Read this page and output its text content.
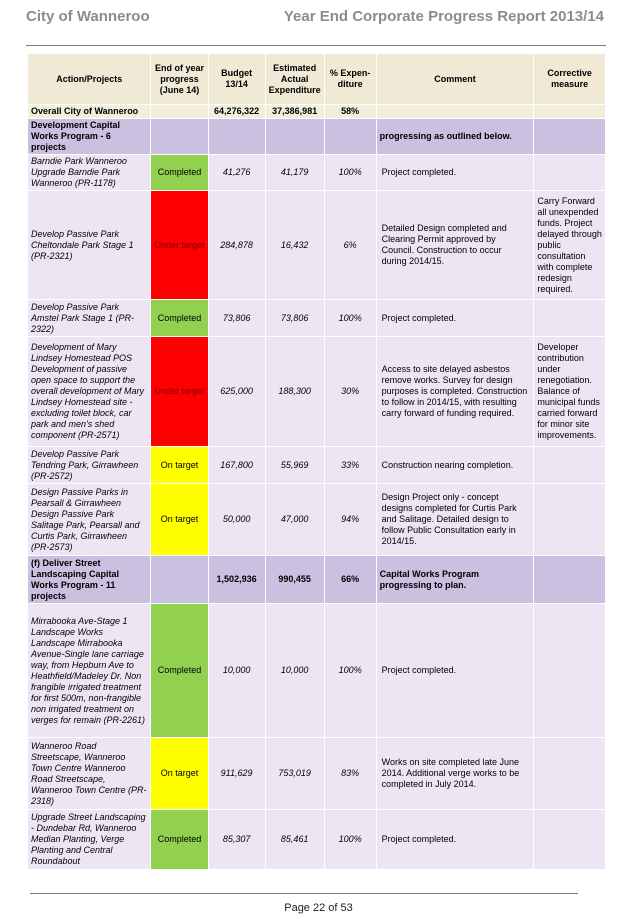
City of Wanneroo	Year End Corporate Progress Report 2013/14
Action/Projects	End of year progress (June 14)	Budget 13/14	Estimated Actual Expenditure	% Expen-diture	Comment	Corrective measure
Overall City of Wanneroo		64,276,322	37,386,981	58%		
Development Capital Works Program - 6 projects					progressing as outlined below.	
Barndie Park Wanneroo Upgrade Barndie Park Wanneroo (PR-1178)	Completed	41,276	41,179	100%	Project completed.	
Develop Passive Park Cheltondale Park Stage 1 (PR-2321)	Under target	284,878	16,432	6%	Detailed Design completed and Clearing Permit approved by Council. Construction to occur during 2014/15.	Carry Forward all unexpended funds. Project delayed through public consultation with complete redesign required.
Develop Passive Park Amstel Park Stage 1 (PR-2322)	Completed	73,806	73,806	100%	Project completed.	
Development of Mary Lindsey Homestead POS Development of passive open space to support the overall development of Mary Lindsey Homestead site - excluding toilet block, car park and men's shed component (PR-2571)	Under target	625,000	188,300	30%	Access to site delayed asbestos remove works. Survey for design purposes is completed. Construction to follow in 2014/15, with resulting carry forward of funding required.	Developer contribution under renegotiation. Balance of municipal funds carried forward for minor site improvements.
Develop Passive Park Tendring Park, Girrawheen (PR-2572)	On target	167,800	55,969	33%	Construction nearing completion.	
Design Passive Parks in Pearsall & Girrawheen Design Passive Park Salitage Park, Pearsall and Curtis Park, Girrawheen (PR-2573)	On target	50,000	47,000	94%	Design Project only - concept designs completed for Curtis Park and Salitage. Detailed design to follow Public Consultation early in 2014/15.	
(f) Deliver Street Landscaping Capital Works Program - 11 projects		1,502,936	990,455	66%	Capital Works Program progressing to plan.	
Mirrabooka Ave-Stage 1 Landscape Works Landscape Mirrabooka Avenue-Single lane carriage way, from Hepburn Ave to Heathfield/Madeley Dr. Non frangible irrigated treatment for first 500m, non-frangible non irrigated treatment on verges for remain (PR-2261)	Completed	10,000	10,000	100%	Project completed.	
Wanneroo Road Streetscape, Wanneroo Town Centre Wanneroo Road Streetscape, Wanneroo Town Centre (PR-2318)	On target	911,629	753,019	83%	Works on site completed late June 2014. Additional verge works to be completed in July 2014.	
Upgrade Street Landscaping - Dundebar Rd, Wanneroo Median Planting, Verge Planting and Central Roundabout	Completed	85,307	85,461	100%	Project completed.	
Page 22 of 53
